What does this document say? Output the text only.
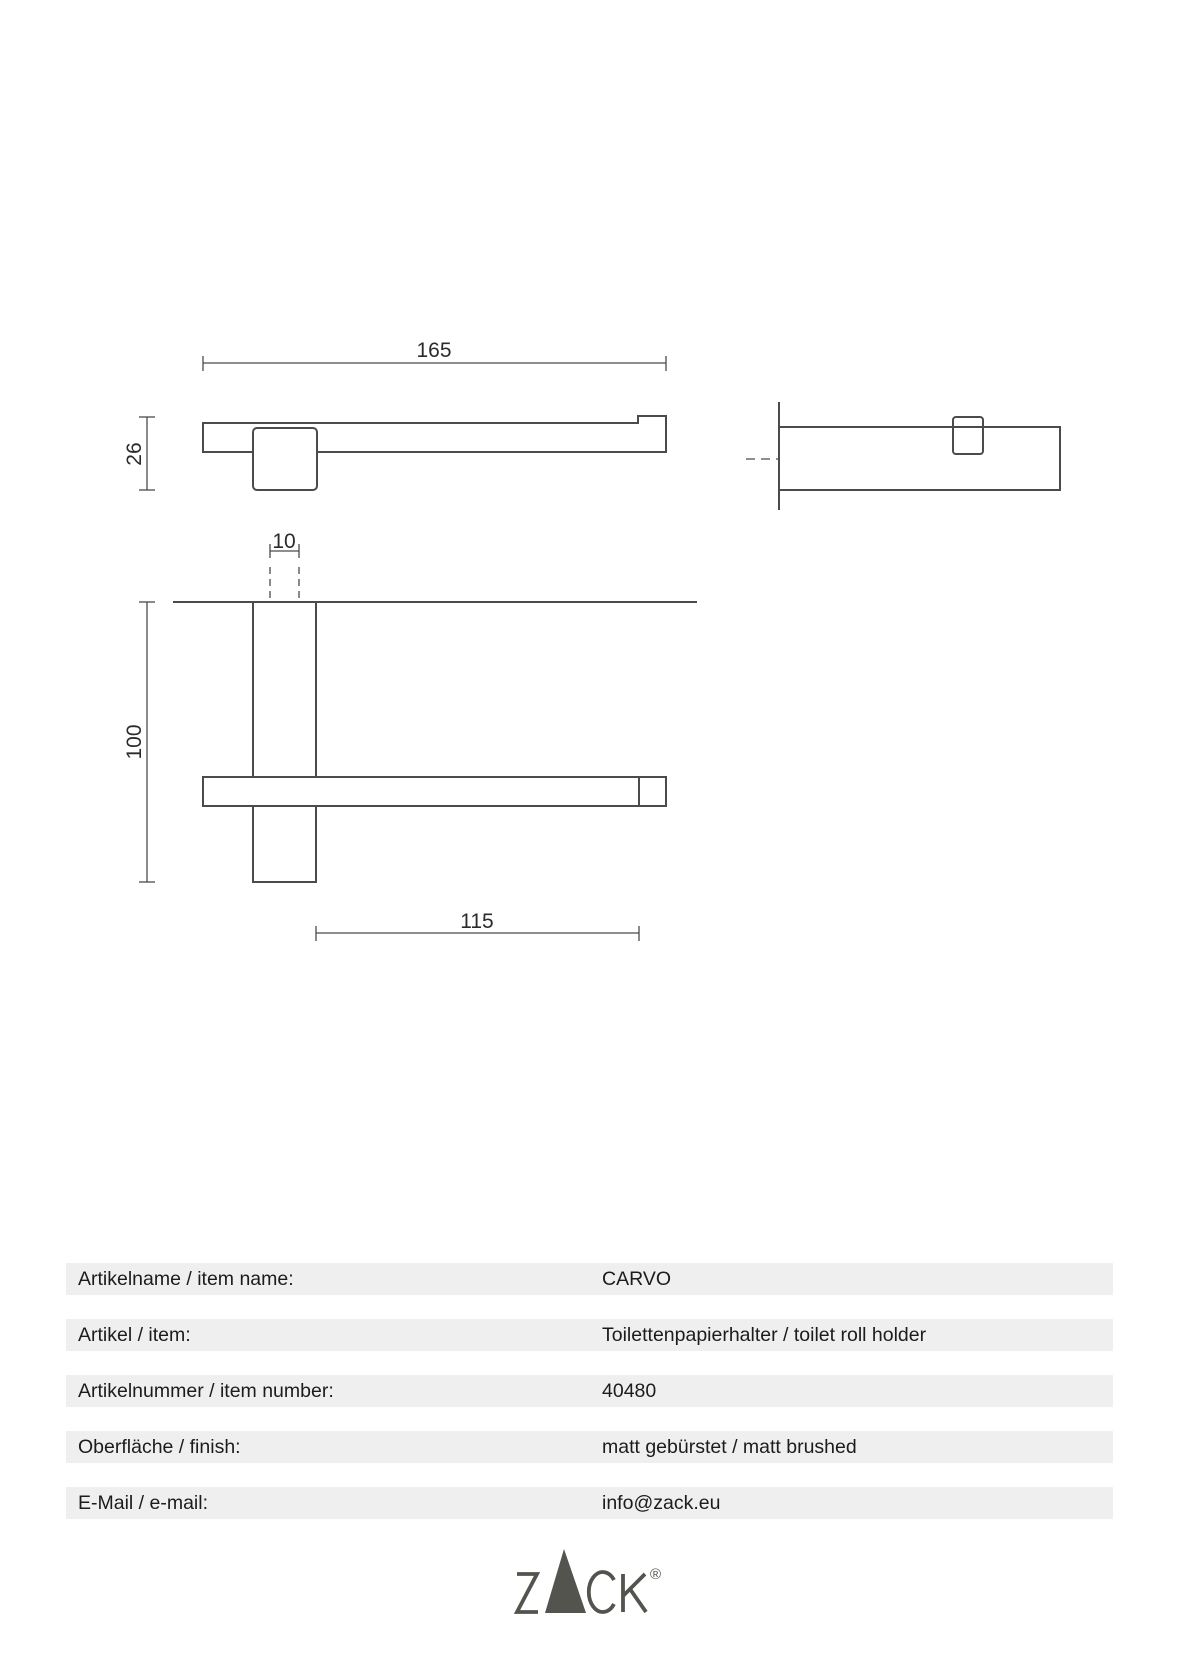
165
26
10
100
115
Artikelname / item name:	CARVO
Artikel / item:	Toilettenpapierhalter / toilet roll holder
Artikelnummer / item number:	40480
Oberfläche / finish:	matt gebürstet / matt brushed
E-Mail / e-mail:	info@zack.eu
®
